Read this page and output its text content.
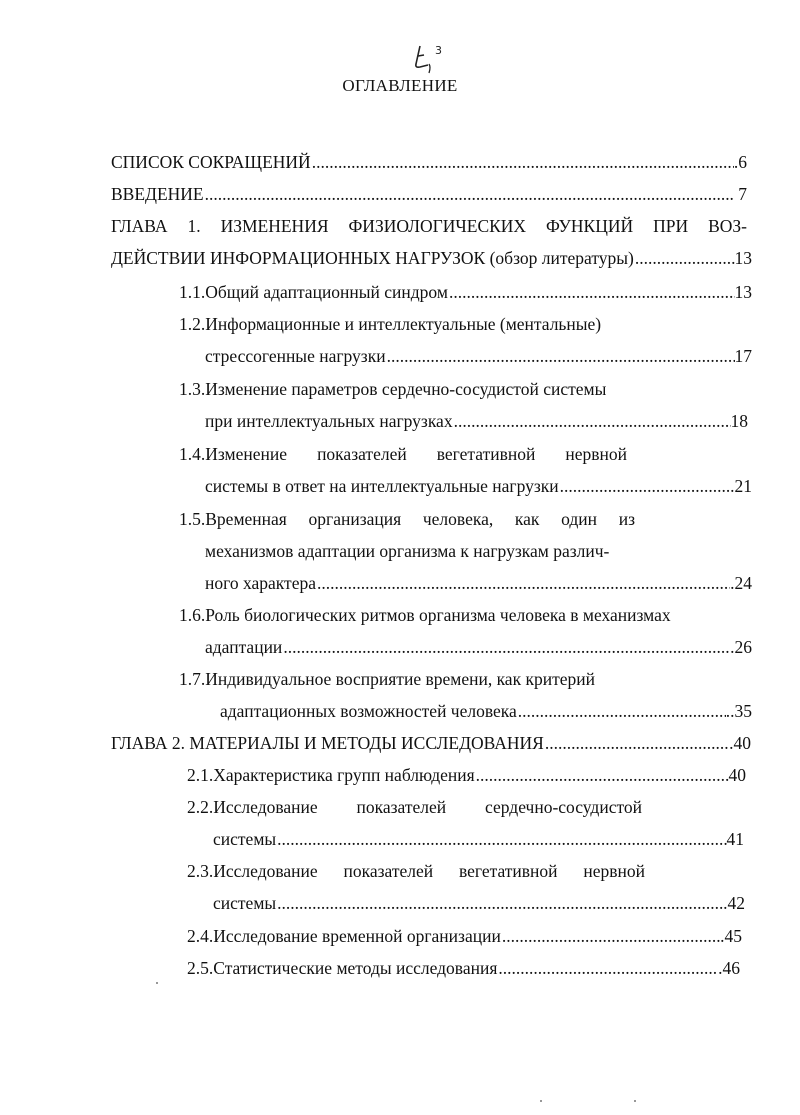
3
ОГЛАВЛЕНИЕ
СПИСОК СОКРАЩЕНИЙ .....	.6
ВВЕДЕНИЕ .....	. 7
ГЛАВА 1. ИЗМЕНЕНИЯ ФИЗИОЛОГИЧЕСКИХ ФУНКЦИЙ ПРИ ВОЗ-
ДЕЙСТВИИ ИНФОРМАЦИОННЫХ НАГРУЗОК (обзор литературы) .....	13
1.1.Общий адаптационный синдром .....	13
1.2.Информационные и интеллектуальные (ментальные)
стрессогенные нагрузки .....	17
1.3.Изменение параметров сердечно-сосудистой системы
при интеллектуальных нагрузках .....	18
1.4.Изменение показателей вегетативной нервной
системы в ответ на интеллектуальные нагрузки .....	.21
1.5.Временная организация человека, как один из
механизмов адаптации организма к нагрузкам различ-
ного характера .....	.24
1.6.Роль биологических ритмов организма человека в механизмах
адаптации .....	.26
1.7.Индивидуальное восприятие времени, как критерий
адаптационных возможностей человека .....	..35
ГЛАВА 2. МАТЕРИАЛЫ И МЕТОДЫ ИССЛЕДОВАНИЯ .....	.40
2.1.Характеристика групп наблюдения .....	40
2.2.Исследование показателей сердечно-сосудистой
системы .....	41
2.3.Исследование показателей вегетативной нервной
системы .....	.42
2.4.Исследование временной организации .....	.45
2.5.Статистические методы исследования .....	.46
